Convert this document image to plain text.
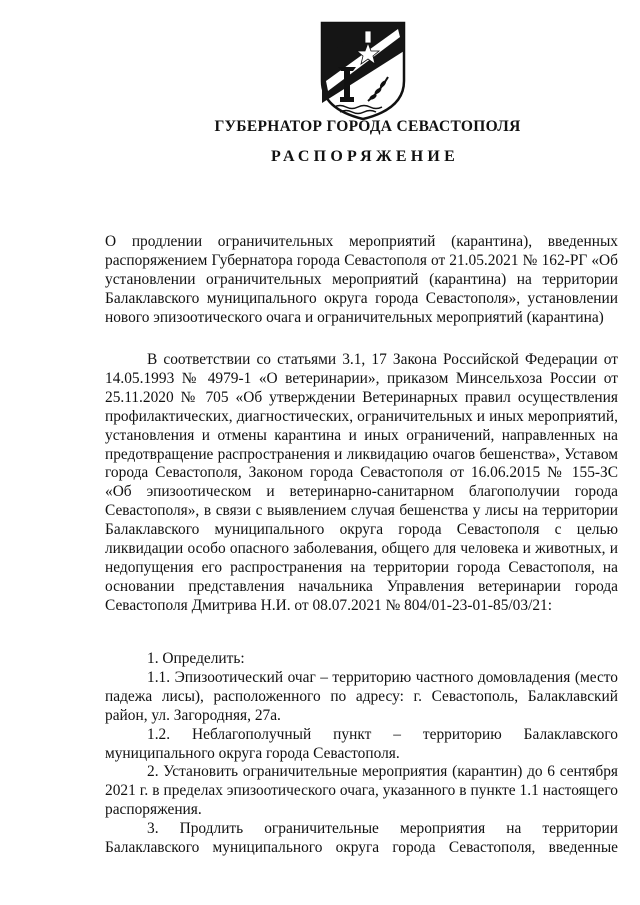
ГУБЕРНАТОР ГОРОДА СЕВАСТОПОЛЯ
РАСПОРЯЖЕНИЕ

О продлении ограничительных мероприятий (карантина), введенных распоряжением Губернатора города Севастополя от 21.05.2021 № 162-РГ «Об установлении ограничительных мероприятий (карантина) на территории Балаклавского муниципального округа города Севастополя», установлении нового эпизоотического очага и ограничительных мероприятий (карантина)

В соответствии со статьями 3.1, 17 Закона Российской Федерации от 14.05.1993 № 4979-1 «О ветеринарии», приказом Минсельхоза России от 25.11.2020 № 705 «Об утверждении Ветеринарных правил осуществления профилактических, диагностических, ограничительных и иных мероприятий, установления и отмены карантина и иных ограничений, направленных на предотвращение распространения и ликвидацию очагов бешенства», Уставом города Севастополя, Законом города Севастополя от 16.06.2015 № 155-ЗС «Об эпизоотическом и ветеринарно-санитарном благополучии города Севастополя», в связи с выявлением случая бешенства у лисы на территории Балаклавского муниципального округа города Севастополя с целью ликвидации особо опасного заболевания, общего для человека и животных, и недопущения его распространения на территории города Севастополя, на основании представления начальника Управления ветеринарии города Севастополя Дмитрива Н.И. от 08.07.2021 № 804/01-23-01-85/03/21:

1. Определить:

1.1. Эпизоотический очаг – территорию частного домовладения (место падежа лисы), расположенного по адресу: г. Севастополь, Балаклавский район, ул. Загородняя, 27а.

1.2. Неблагополучный пункт – территорию Балаклавского муниципального округа города Севастополя.

2. Установить ограничительные мероприятия (карантин) до 6 сентября 2021 г. в пределах эпизоотического очага, указанного в пункте 1.1 настоящего распоряжения.

3. Продлить ограничительные мероприятия на территории Балаклавского муниципального округа города Севастополя, введенные
